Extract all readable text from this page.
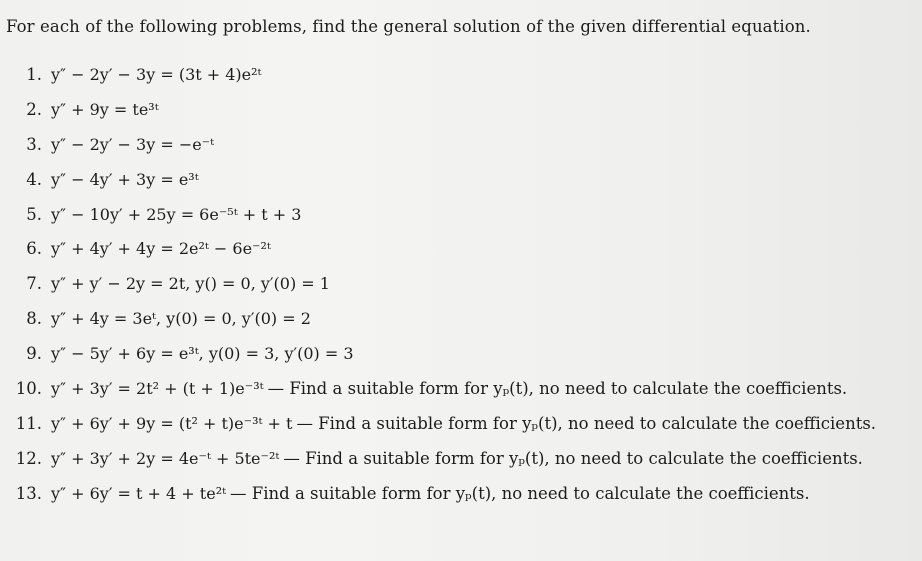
For each of the following problems, find the general solution of the given differential equation.
1. y″ − 2y′ − 3y = (3t + 4)e²ᵗ
2. y″ + 9y = te³ᵗ
3. y″ − 2y′ − 3y = −e⁻ᵗ
4. y″ − 4y′ + 3y = e³ᵗ
5. y″ − 10y′ + 25y = 6e⁻⁵ᵗ + t + 3
6. y″ + 4y′ + 4y = 2e²ᵗ − 6e⁻²ᵗ
7. y″ + y′ − 2y = 2t, y() = 0, y′(0) = 1
8. y″ + 4y = 3eᵗ, y(0) = 0, y′(0) = 2
9. y″ − 5y′ + 6y = e³ᵗ, y(0) = 3, y′(0) = 3
10. y″ + 3y′ = 2t² + (t + 1)e⁻³ᵗ — Find a suitable form for yₚ(t), no need to calculate the coefficients.
11. y″ + 6y′ + 9y = (t² + t)e⁻³ᵗ + t — Find a suitable form for yₚ(t), no need to calculate the coefficients.
12. y″ + 3y′ + 2y = 4e⁻ᵗ + 5te⁻²ᵗ — Find a suitable form for yₚ(t), no need to calculate the coefficients.
13. y″ + 6y′ = t + 4 + te²ᵗ — Find a suitable form for yₚ(t), no need to calculate the coefficients.
